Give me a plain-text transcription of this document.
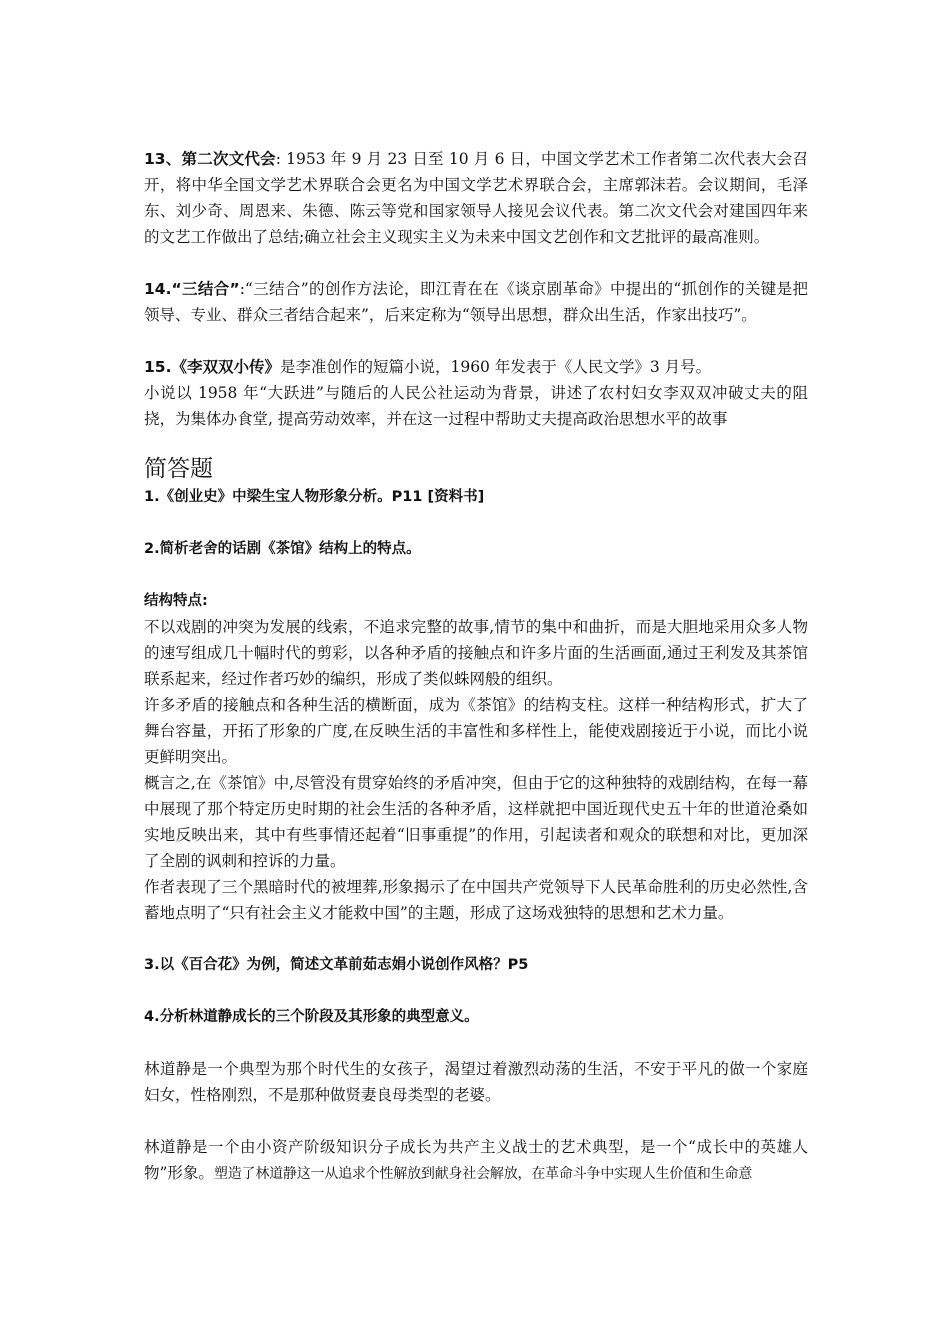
13、第二次文代会: 1953 年 9 月 23 日至 10 月 6 日，中国文学艺术工作者第二次代表大会召开，将中华全国文学艺术界联合会更名为中国文学艺术界联合会，主席郭沫若。会议期间，毛泽东、刘少奇、周恩来、朱德、陈云等党和国家领导人接见会议代表。第二次文代会对建国四年来的文艺工作做出了总结;确立社会主义现实主义为未来中国文艺创作和文艺批评的最高准则。

14.“三结合”:“三结合”的创作方法论，即江青在在《谈京剧革命》中提出的“抓创作的关键是把领导、专业、群众三者结合起来”，后来定称为“领导出思想，群众出生活，作家出技巧”。

15.《李双双小传》是李准创作的短篇小说，1960 年发表于《人民文学》3 月号。

小说以 1958 年“大跃进”与随后的人民公社运动为背景，讲述了农村妇女李双双冲破丈夫的阻挠，为集体办食堂, 提高劳动效率，并在这一过程中帮助丈夫提高政治思想水平的故事

简答题

1.《创业史》中梁生宝人物形象分析。P11 [资料书]

2.简析老舍的话剧《茶馆》结构上的特点。

结构特点:

不以戏剧的冲突为发展的线索，不追求完整的故事,情节的集中和曲折，而是大胆地采用众多人物的速写组成几十幅时代的剪彩，以各种矛盾的接触点和许多片面的生活画面,通过王利发及其茶馆联系起来，经过作者巧妙的编织，形成了类似蛛网般的组织。

许多矛盾的接触点和各种生活的横断面，成为《茶馆》的结构支柱。这样一种结构形式，扩大了舞台容量，开拓了形象的广度,在反映生活的丰富性和多样性上，能使戏剧接近于小说，而比小说更鲜明突出。

概言之,在《茶馆》中,尽管没有贯穿始终的矛盾冲突，但由于它的这种独特的戏剧结构，在每一幕中展现了那个特定历史时期的社会生活的各种矛盾，这样就把中国近现代史五十年的世道沧桑如实地反映出来，其中有些事情还起着“旧事重提”的作用，引起读者和观众的联想和对比，更加深了全剧的讽刺和控诉的力量。

作者表现了三个黑暗时代的被埋葬,形象揭示了在中国共产党领导下人民革命胜利的历史必然性,含蓄地点明了“只有社会主义才能救中国”的主题，形成了这场戏独特的思想和艺术力量。

3.以《百合花》为例，简述文革前茹志娟小说创作风格？P5

4.分析林道静成长的三个阶段及其形象的典型意义。

林道静是一个典型为那个时代生的女孩子，渴望过着激烈动荡的生活，不安于平凡的做一个家庭妇女，性格刚烈，不是那种做贤妻良母类型的老婆。

林道静是一个由小资产阶级知识分子成长为共产主义战士的艺术典型，是一个“成长中的英雄人物”形象。塑造了林道静这一从追求个性解放到献身社会解放，在革命斗争中实现人生价值和生命意
